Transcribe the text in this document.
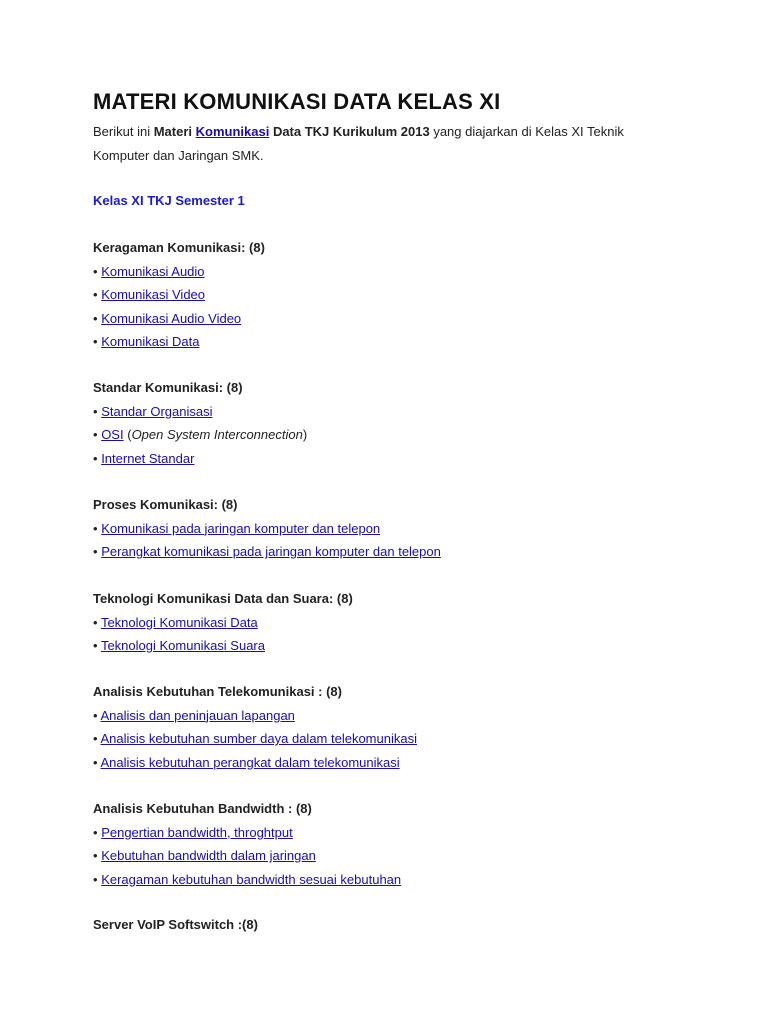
MATERI KOMUNIKASI DATA KELAS XI

Berikut ini Materi Komunikasi Data TKJ Kurikulum 2013 yang diajarkan di Kelas XI Teknik Komputer dan Jaringan SMK.

Kelas XI TKJ Semester 1

Keragaman Komunikasi: (8)
• Komunikasi Audio
• Komunikasi Video
• Komunikasi Audio Video
• Komunikasi Data
Standar Komunikasi: (8)
• Standar Organisasi
• OSI (Open System Interconnection)
• Internet Standar
Proses Komunikasi: (8)
• Komunikasi pada jaringan komputer dan telepon
• Perangkat komunikasi pada jaringan komputer dan telepon
Teknologi Komunikasi Data dan Suara: (8)
• Teknologi Komunikasi Data
• Teknologi Komunikasi Suara
Analisis Kebutuhan Telekomunikasi : (8)
• Analisis dan peninjauan lapangan
• Analisis kebutuhan sumber daya dalam telekomunikasi
• Analisis kebutuhan perangkat dalam telekomunikasi
Analisis Kebutuhan Bandwidth : (8)
• Pengertian bandwidth, throghtput
• Kebutuhan bandwidth dalam jaringan
• Keragaman kebutuhan bandwidth sesuai kebutuhan
Server VoIP Softswitch :(8)
